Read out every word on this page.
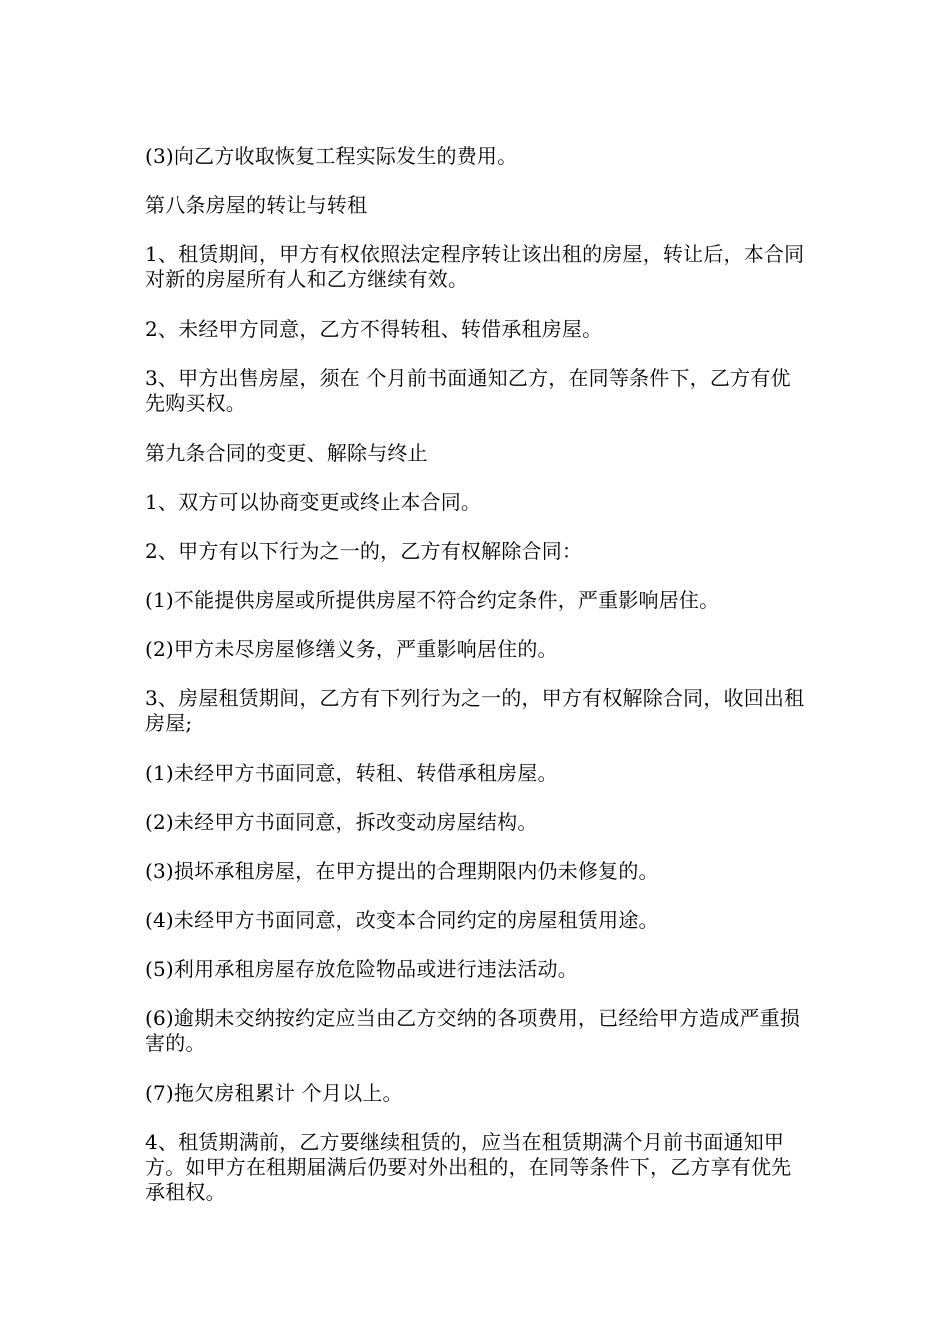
(3)向乙方收取恢复工程实际发生的费用。

第八条房屋的转让与转租

1、租赁期间，甲方有权依照法定程序转让该出租的房屋，转让后，本合同对新的房屋所有人和乙方继续有效。

2、未经甲方同意，乙方不得转租、转借承租房屋。

3、甲方出售房屋，须在 个月前书面通知乙方，在同等条件下，乙方有优先购买权。

第九条合同的变更、解除与终止

1、双方可以协商变更或终止本合同。

2、甲方有以下行为之一的，乙方有权解除合同：

(1)不能提供房屋或所提供房屋不符合约定条件，严重影响居住。

(2)甲方未尽房屋修缮义务，严重影响居住的。

3、房屋租赁期间，乙方有下列行为之一的，甲方有权解除合同，收回出租房屋;

(1)未经甲方书面同意，转租、转借承租房屋。

(2)未经甲方书面同意，拆改变动房屋结构。

(3)损坏承租房屋，在甲方提出的合理期限内仍未修复的。

(4)未经甲方书面同意，改变本合同约定的房屋租赁用途。

(5)利用承租房屋存放危险物品或进行违法活动。

(6)逾期未交纳按约定应当由乙方交纳的各项费用，已经给甲方造成严重损害的。

(7)拖欠房租累计 个月以上。

4、租赁期满前，乙方要继续租赁的，应当在租赁期满个月前书面通知甲方。如甲方在租期届满后仍要对外出租的，在同等条件下，乙方享有优先承租权。
